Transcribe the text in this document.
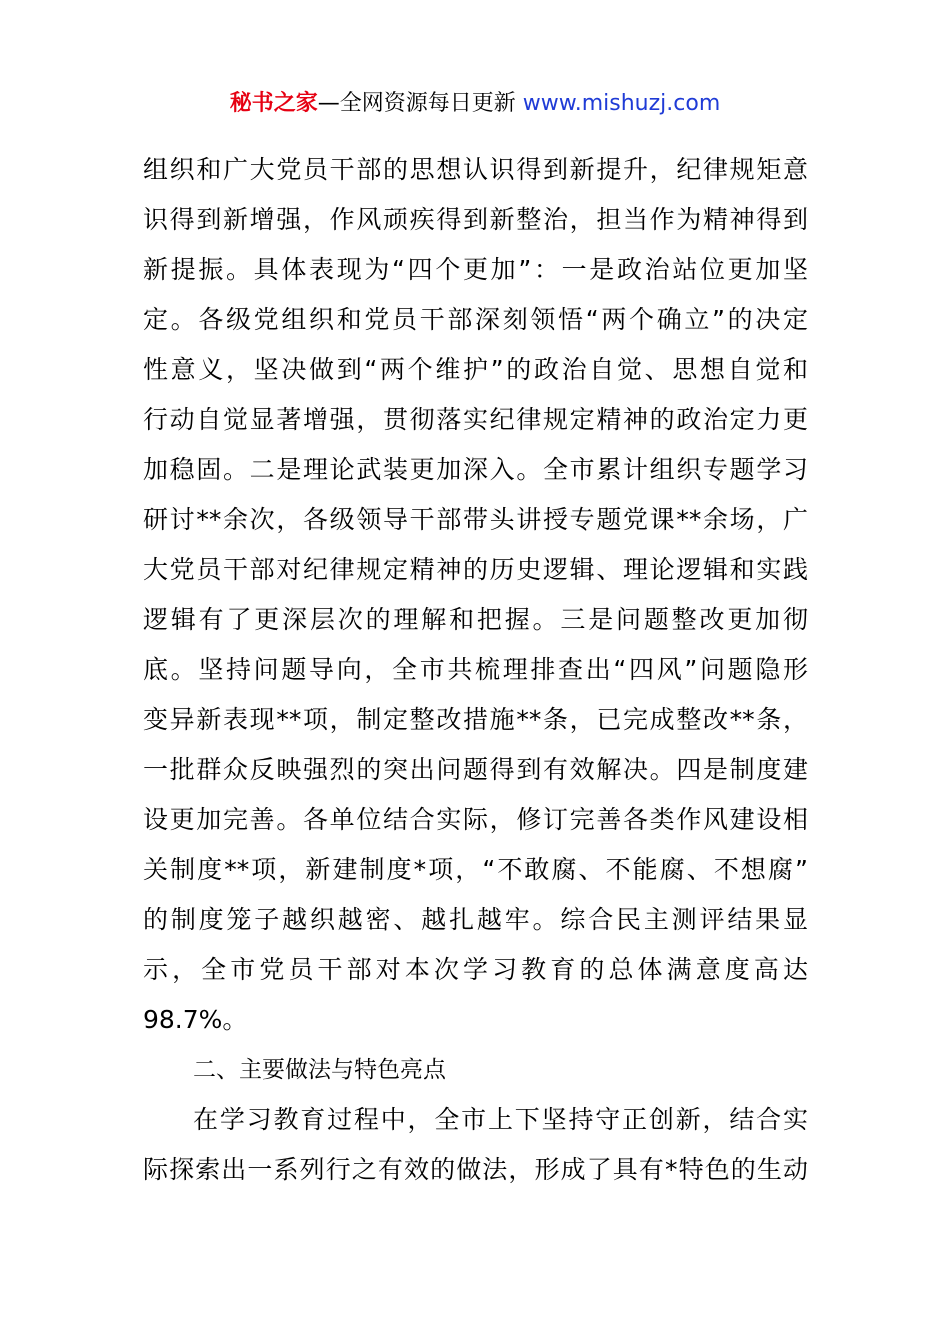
秘书之家—全网资源每日更新 www.mishuzj.com
组织和广大党员干部的思想认识得到新提升，纪律规矩意
识得到新增强，作风顽疾得到新整治，担当作为精神得到
新提振。具体表现为“四个更加”：一是政治站位更加坚
定。各级党组织和党员干部深刻领悟“两个确立”的决定
性意义，坚决做到“两个维护”的政治自觉、思想自觉和
行动自觉显著增强，贯彻落实纪律规定精神的政治定力更
加稳固。二是理论武装更加深入。全市累计组织专题学习
研讨**余次，各级领导干部带头讲授专题党课**余场，广
大党员干部对纪律规定精神的历史逻辑、理论逻辑和实践
逻辑有了更深层次的理解和把握。三是问题整改更加彻
底。坚持问题导向，全市共梳理排查出“四风”问题隐形
变异新表现**项，制定整改措施**条，已完成整改**条，
一批群众反映强烈的突出问题得到有效解决。四是制度建
设更加完善。各单位结合实际，修订完善各类作风建设相
关制度**项，新建制度*项，“不敢腐、不能腐、不想腐”
的制度笼子越织越密、越扎越牢。综合民主测评结果显
示，全市党员干部对本次学习教育的总体满意度高达
98.7%。
二、主要做法与特色亮点
在学习教育过程中，全市上下坚持守正创新，结合实
际探索出一系列行之有效的做法，形成了具有*特色的生动
